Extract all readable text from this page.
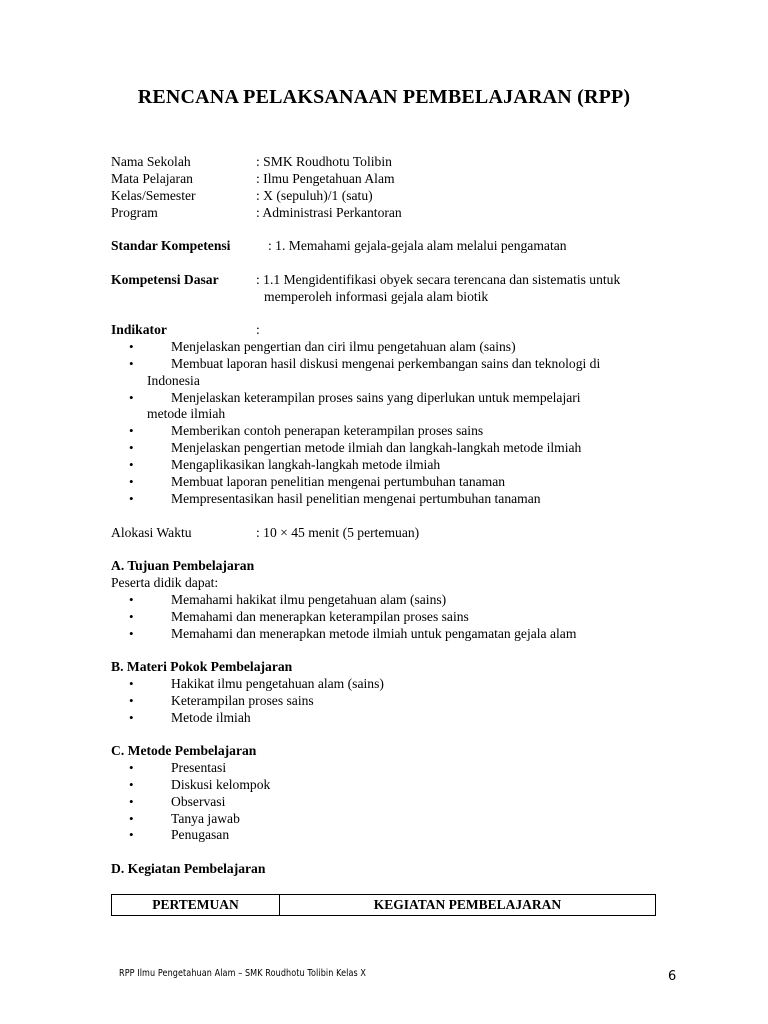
RENCANA PELAKSANAAN PEMBELAJARAN (RPP)
Nama Sekolah	: SMK Roudhotu Tolibin
Mata Pelajaran	: Ilmu Pengetahuan Alam
Kelas/Semester	: X (sepuluh)/1 (satu)
Program	: Administrasi Perkantoran
Standar Kompetensi	: 1. Memahami gejala-gejala alam melalui pengamatan
Kompetensi Dasar	: 1.1 Mengidentifikasi obyek secara terencana dan sistematis untuk
memperoleh informasi gejala alam biotik
Indikator	:
•	Menjelaskan pengertian dan ciri ilmu pengetahuan alam (sains)
•	Membuat laporan hasil diskusi mengenai perkembangan sains dan teknologi di
Indonesia
•	Menjelaskan keterampilan proses sains yang diperlukan untuk mempelajari
metode ilmiah
•	Memberikan contoh penerapan keterampilan proses sains
•	Menjelaskan pengertian metode ilmiah dan langkah-langkah metode ilmiah
•	Mengaplikasikan langkah-langkah metode ilmiah
•	Membuat laporan penelitian mengenai pertumbuhan tanaman
•	Mempresentasikan hasil penelitian mengenai pertumbuhan tanaman
Alokasi Waktu	: 10 × 45 menit (5 pertemuan)
A. Tujuan Pembelajaran
Peserta didik dapat:
•	Memahami hakikat ilmu pengetahuan alam (sains)
•	Memahami dan menerapkan keterampilan proses sains
•	Memahami dan menerapkan metode ilmiah untuk pengamatan gejala alam
B. Materi Pokok Pembelajaran
•	Hakikat ilmu pengetahuan alam (sains)
•	Keterampilan proses sains
•	Metode ilmiah
C. Metode Pembelajaran
•	Presentasi
•	Diskusi kelompok
•	Observasi
•	Tanya jawab
•	Penugasan
D. Kegiatan Pembelajaran
PERTEMUAN	KEGIATAN PEMBELAJARAN
RPP Ilmu Pengetahuan Alam – SMK Roudhotu Tolibin Kelas X	6
